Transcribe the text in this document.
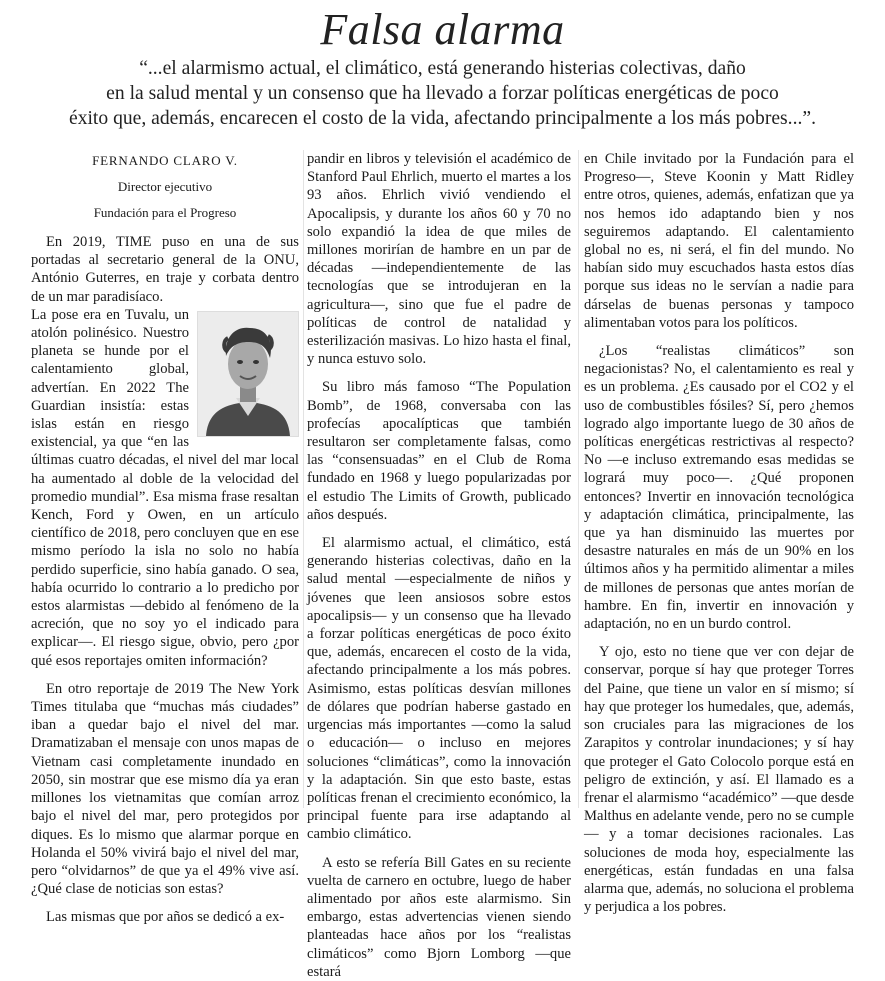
Falsa alarma

“...el alarmismo actual, el climático, está generando histerias colectivas, daño

en la salud mental y un consenso que ha llevado a forzar políticas energéticas de poco

éxito que, además, encarecen el costo de la vida, afectando principalmente a los más pobres...”.

FERNANDO CLARO V.

Director ejecutivo

Fundación para el Progreso

En 2019, TIME puso en una de sus portadas al secretario general de la ONU, António Guterres, en traje y corbata dentro de un mar paradisíaco.

La pose era en Tuvalu, un atolón polinésico. Nuestro planeta se hunde por el calentamiento global, advertían. En 2022 The Guardian insistía: estas islas están en riesgo existencial, ya que “en las últimas cuatro décadas, el nivel del mar local ha aumentado al doble de la velocidad del promedio mundial”. Esa misma frase resaltan Kench, Ford y Owen, en un artículo científico de 2018, pero concluyen que en ese mismo período la isla no solo no había perdido superficie, sino había ganado. O sea, había ocurrido lo contrario a lo predicho por estos alarmistas —debido al fenómeno de la acreción, que no soy yo el indicado para explicar—. El riesgo sigue, obvio, pero ¿por qué esos reportajes omiten información?

En otro reportaje de 2019 The New York Times titulaba que “muchas más ciudades” iban a quedar bajo el nivel del mar. Dramatizaban el mensaje con unos mapas de Vietnam casi completamente inundado en 2050, sin mostrar que ese mismo día ya eran millones los vietnamitas que comían arroz bajo el nivel del mar, pero protegidos por diques. Es lo mismo que alarmar porque en Holanda el 50% vivirá bajo el nivel del mar, pero “olvidarnos” de que ya el 49% vive así. ¿Qué clase de noticias son estas?

Las mismas que por años se dedicó a ex-

pandir en libros y televisión el académico de Stanford Paul Ehrlich, muerto el martes a los 93 años. Ehrlich vivió vendiendo el Apocalipsis, y durante los años 60 y 70 no solo expandió la idea de que miles de millones morirían de hambre en un par de décadas —independientemente de las tecnologías que se introdujeran en la agricultura—, sino que fue el padre de políticas de control de natalidad y esterilización masivas. Lo hizo hasta el final, y nunca estuvo solo.

Su libro más famoso “The Population Bomb”, de 1968, conversaba con las profecías apocalípticas que también resultaron ser completamente falsas, como las “consensuadas” en el Club de Roma fundado en 1968 y luego popularizadas por el estudio The Limits of Growth, publicado años después.

El alarmismo actual, el climático, está generando histerias colectivas, daño en la salud mental —especialmente de niños y jóvenes que leen ansiosos sobre estos apocalipsis— y un consenso que ha llevado a forzar políticas energéticas de poco éxito que, además, encarecen el costo de la vida, afectando principalmente a los más pobres. Asimismo, estas políticas desvían millones de dólares que podrían haberse gastado en urgencias más importantes —como la salud o educación— o incluso en mejores soluciones “climáticas”, como la innovación y la adaptación. Sin que esto baste, estas políticas frenan el crecimiento económico, la principal fuente para irse adaptando al cambio climático.

A esto se refería Bill Gates en su reciente vuelta de carnero en octubre, luego de haber alimentado por años este alarmismo. Sin embargo, estas advertencias vienen siendo planteadas hace años por los “realistas climáticos” como Bjorn Lomborg —que estará

en Chile invitado por la Fundación para el Progreso—, Steve Koonin y Matt Ridley entre otros, quienes, además, enfatizan que ya nos hemos ido adaptando bien y nos seguiremos adaptando. El calentamiento global no es, ni será, el fin del mundo. No habían sido muy escuchados hasta estos días porque sus ideas no le servían a nadie para dárselas de buenas personas y tampoco alimentaban votos para los políticos.

¿Los “realistas climáticos” son negacionistas? No, el calentamiento es real y es un problema. ¿Es causado por el CO2 y el uso de combustibles fósiles? Sí, pero ¿hemos logrado algo importante luego de 30 años de políticas energéticas restrictivas al respecto? No —e incluso extremando esas medidas se logrará muy poco—. ¿Qué proponen entonces? Invertir en innovación tecnológica y adaptación climática, principalmente, las que ya han disminuido las muertes por desastre naturales en más de un 90% en los últimos años y ha permitido alimentar a miles de millones de personas que antes morían de hambre. En fin, invertir en innovación y adaptación, no en un burdo control.

Y ojo, esto no tiene que ver con dejar de conservar, porque sí hay que proteger Torres del Paine, que tiene un valor en sí mismo; sí hay que proteger los humedales, que, además, son cruciales para las migraciones de los Zarapitos y controlar inundaciones; y sí hay que proteger el Gato Colocolo porque está en peligro de extinción, y así. El llamado es a frenar el alarmismo “académico” —que desde Malthus en adelante vende, pero no se cumple— y a tomar decisiones racionales. Las soluciones de moda hoy, especialmente las energéticas, están fundadas en una falsa alarma que, además, no soluciona el problema y perjudica a los pobres.
